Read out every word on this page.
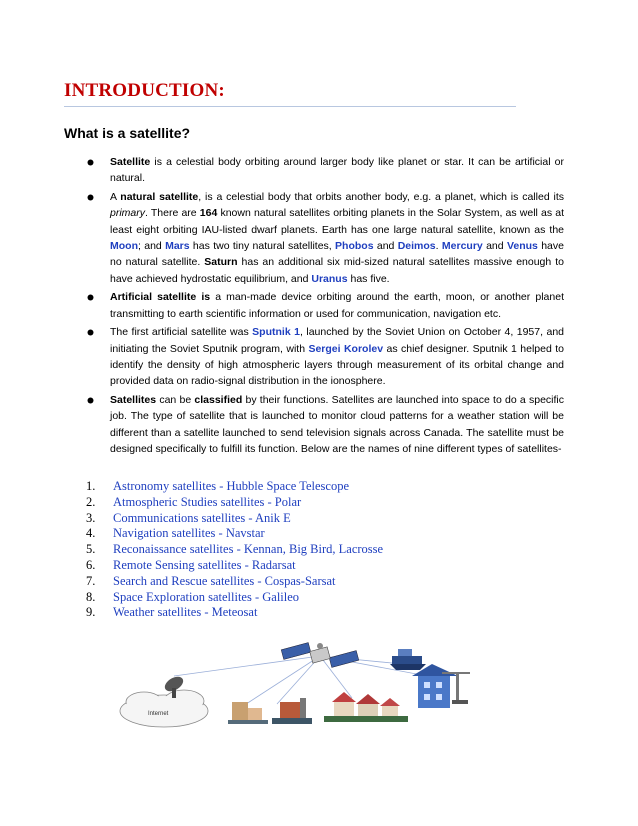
INTRODUCTION:
What is a satellite?
Satellite is a celestial body orbiting around larger body like planet or star. It can be artificial or natural.
A natural satellite, is a celestial body that orbits another body, e.g. a planet, which is called its primary. There are 164 known natural satellites orbiting planets in the Solar System, as well as at least eight orbiting IAU-listed dwarf planets. Earth has one large natural satellite, known as the Moon; and Mars has two tiny natural satellites, Phobos and Deimos. Mercury and Venus have no natural satellite. Saturn has an additional six mid-sized natural satellites massive enough to have achieved hydrostatic equilibrium, and Uranus has five.
Artificial satellite is a man-made device orbiting around the earth, moon, or another planet transmitting to earth scientific information or used for communication, navigation etc.
The first artificial satellite was Sputnik 1, launched by the Soviet Union on October 4, 1957, and initiating the Soviet Sputnik program, with Sergei Korolev as chief designer. Sputnik 1 helped to identify the density of high atmospheric layers through measurement of its orbital change and provided data on radio-signal distribution in the ionosphere.
Satellites can be classified by their functions. Satellites are launched into space to do a specific job. The type of satellite that is launched to monitor cloud patterns for a weather station will be different than a satellite launched to send television signals across Canada. The satellite must be designed specifically to fulfill its function. Below are the names of nine different types of satellites-
1. Astronomy satellites - Hubble Space Telescope
2. Atmospheric Studies satellites - Polar
3. Communications satellites - Anik E
4. Navigation satellites - Navstar
5. Reconaissance satellites - Kennan, Big Bird, Lacrosse
6. Remote Sensing satellites - Radarsat
7. Search and Rescue satellites - Cospas-Sarsat
8. Space Exploration satellites - Galileo
9. Weather satellites - Meteosat
Internet
